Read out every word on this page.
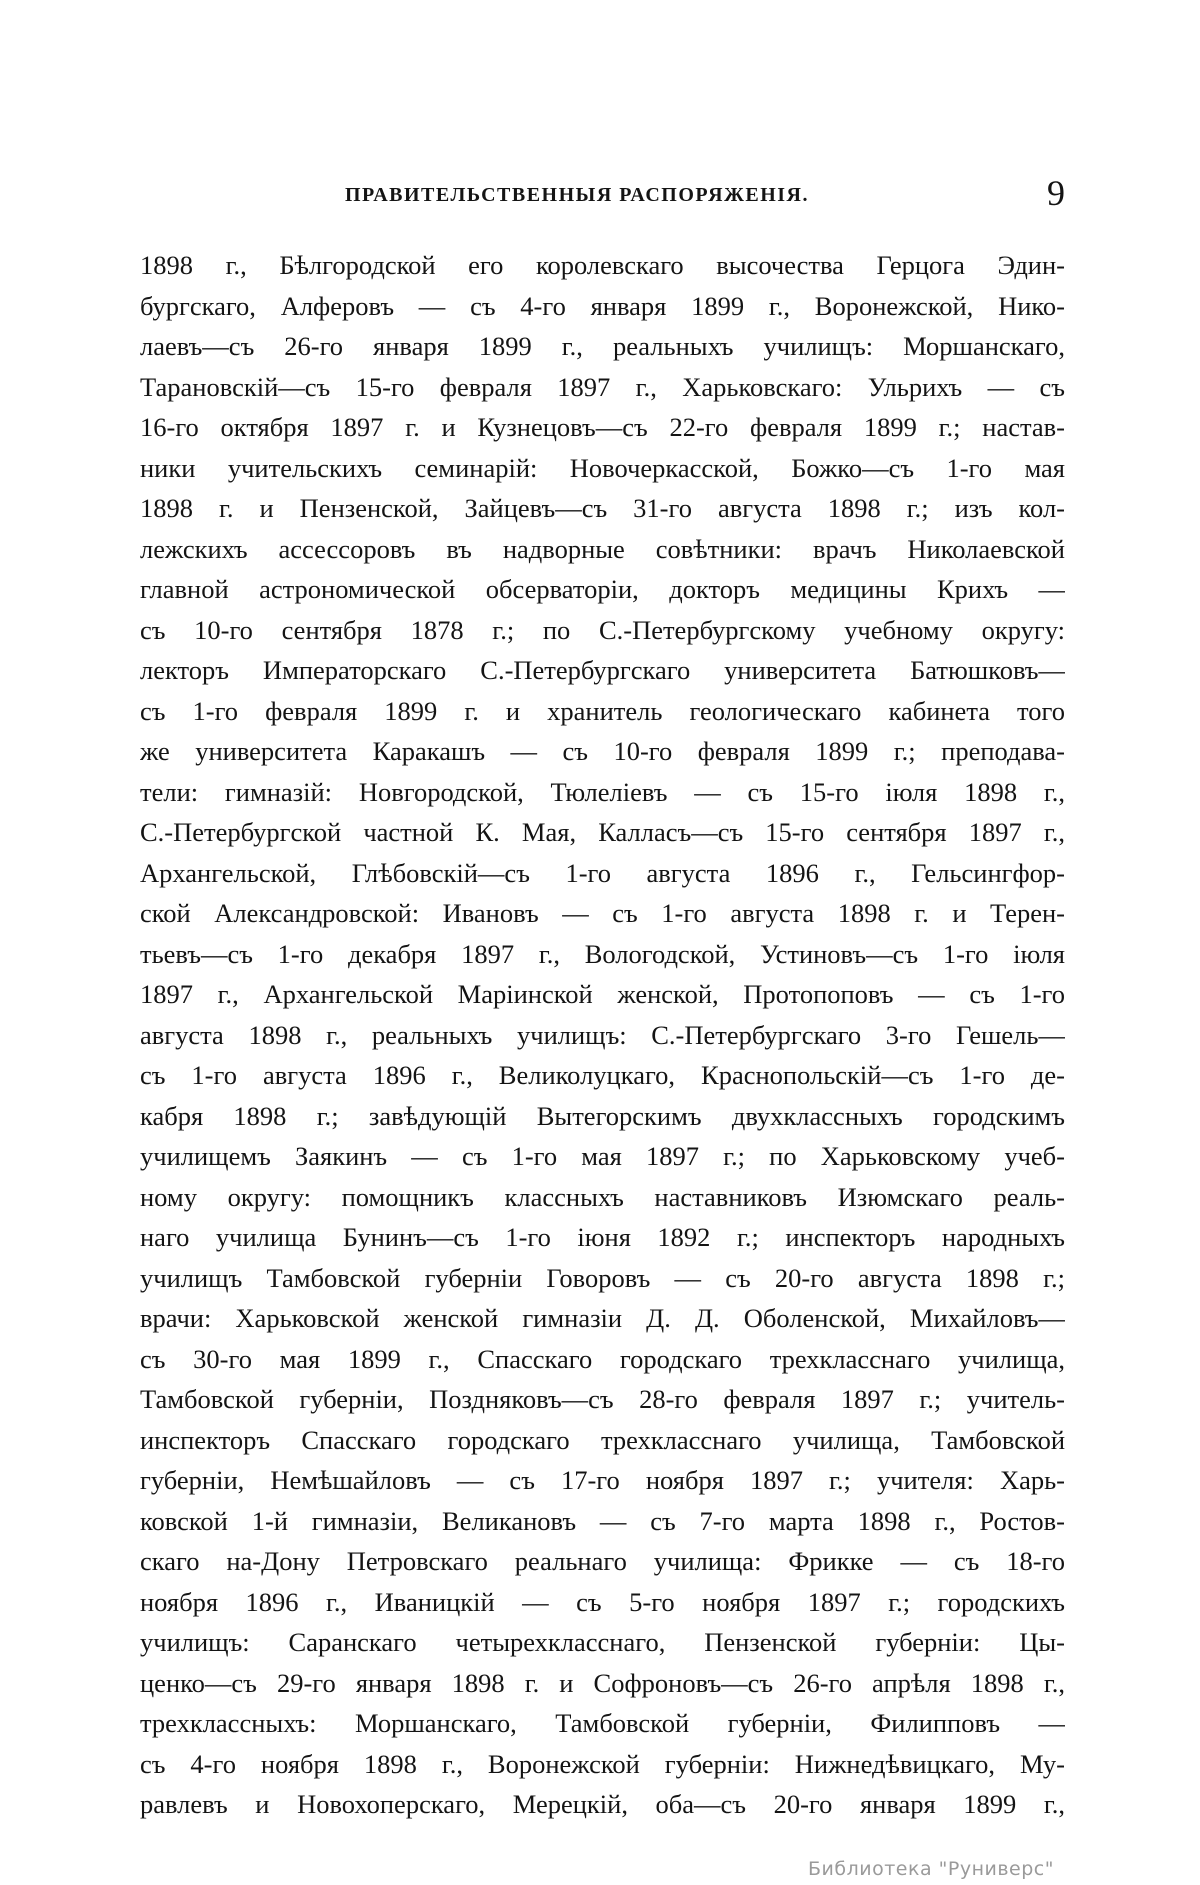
ПРАВИТЕЛЬСТВЕННЫЯ РАСПОРЯЖЕНІЯ.	9
1898 г., Бѣлгородской его королевскаго высочества Герцога Эдин-
бургскаго, Алферовъ — съ 4-го января 1899 г., Воронежской, Нико-
лаевъ—съ 26-го января 1899 г., реальныхъ училищъ: Моршанскаго,
Тарановскій—съ 15-го февраля 1897 г., Харьковскаго: Ульрихъ — съ
16-го октября 1897 г. и Кузнецовъ—съ 22-го февраля 1899 г.; настав-
ники учительскихъ семинарій: Новочеркасской, Божко—съ 1-го мая
1898 г. и Пензенской, Зайцевъ—съ 31-го августа 1898 г.; изъ кол-
лежскихъ ассессоровъ въ надворные совѣтники: врачъ Николаевской
главной астрономической обсерваторіи, докторъ медицины Крихъ —
съ 10-го сентября 1878 г.; по С.-Петербургскому учебному округу:
лекторъ Императорскаго С.-Петербургскаго университета Батюшковъ—
съ 1-го февраля 1899 г. и хранитель геологическаго кабинета того
же университета Каракашъ — съ 10-го февраля 1899 г.; преподава-
тели: гимназій: Новгородской, Тюлеліевъ — съ 15-го іюля 1898 г.,
С.-Петербургской частной К. Мая, Калласъ—съ 15-го сентября 1897 г.,
Архангельской, Глѣбовскій—съ 1-го августа 1896 г., Гельсингфор-
ской Александровской: Ивановъ — съ 1-го августа 1898 г. и Терен-
тьевъ—съ 1-го декабря 1897 г., Вологодской, Устиновъ—съ 1-го іюля
1897 г., Архангельской Маріинской женской, Протопоповъ — съ 1-го
августа 1898 г., реальныхъ училищъ: С.-Петербургскаго 3-го Гешель—
съ 1-го августа 1896 г., Великолуцкаго, Краснопольскій—съ 1-го де-
кабря 1898 г.; завѣдующій Вытегорскимъ двухклассныхъ городскимъ
училищемъ Заякинъ — съ 1-го мая 1897 г.; по Харьковскому учеб-
ному округу: помощникъ классныхъ наставниковъ Изюмскаго реаль-
наго училища Бунинъ—съ 1-го іюня 1892 г.; инспекторъ народныхъ
училищъ Тамбовской губерніи Говоровъ — съ 20-го августа 1898 г.;
врачи: Харьковской женской гимназіи Д. Д. Оболенской, Михайловъ—
съ 30-го мая 1899 г., Спасскаго городскаго трехкласснаго училища,
Тамбовской губерніи, Поздняковъ—съ 28-го февраля 1897 г.; учитель-
инспекторъ Спасскаго городскаго трехкласснаго училища, Тамбовской
губерніи, Немѣшайловъ — съ 17-го ноября 1897 г.; учителя: Харь-
ковской 1-й гимназіи, Великановъ — съ 7-го марта 1898 г., Ростов-
скаго на-Дону Петровскаго реальнаго училища: Фрикке — съ 18-го
ноября 1896 г., Иваницкій — съ 5-го ноября 1897 г.; городскихъ
училищъ: Саранскаго четырехкласснаго, Пензенской губерніи: Цы-
ценко—съ 29-го января 1898 г. и Софроновъ—съ 26-го апрѣля 1898 г.,
трехклассныхъ: Моршанскаго, Тамбовской губерніи, Филипповъ —
съ 4-го ноября 1898 г., Воронежской губерніи: Нижнедѣвицкаго, Му-
равлевъ и Новохоперскаго, Мерецкій, оба—съ 20-го января 1899 г.,
Библиотека "Руниверс"
